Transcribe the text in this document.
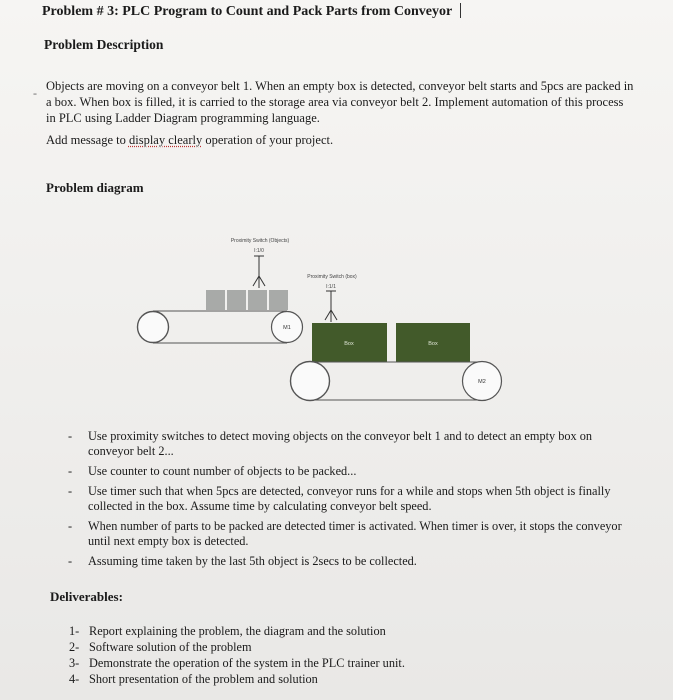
Problem # 3: PLC Program to Count and Pack Parts from Conveyor
Problem Description
- Objects are moving on a conveyor belt 1. When an empty box is detected, conveyor belt starts and 5pcs are packed in a box. When box is filled, it is carried to the storage area via conveyor belt 2. Implement automation of this process in PLC using Ladder Diagram programming language.
Add message to display clearly operation of your project.
Problem diagram
Proximity Switch (Objects)
I:1/0
M1
Proximity Switch (box)
I:1/1
Box	Box
M2
- Use proximity switches to detect moving objects on the conveyor belt 1 and to detect an empty box on conveyor belt 2...
- Use counter to count number of objects to be packed...
- Use timer such that when 5pcs are detected, conveyor runs for a while and stops when 5th object is finally collected in the box. Assume time by calculating conveyor belt speed.
- When number of parts to be packed are detected timer is activated. When timer is over, it stops the conveyor until next empty box is detected.
- Assuming time taken by the last 5th object is 2secs to be collected.
Deliverables:
1- Report explaining the problem, the diagram and the solution
2- Software solution of the problem
3- Demonstrate the operation of the system in the PLC trainer unit.
4- Short presentation of the problem and solution
